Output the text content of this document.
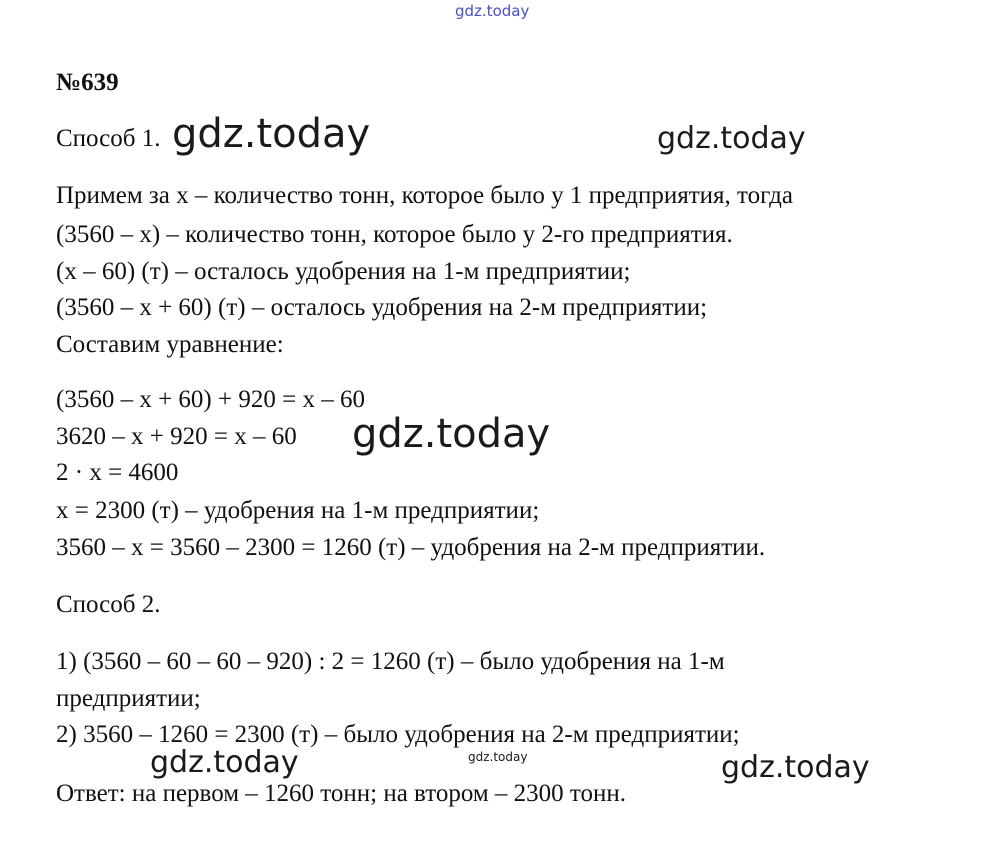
gdz.today
gdz.today	gdz.today
gdz.today
gdz.today	gdz.today	gdz.today
№639
Способ 1.
Примем за x – количество тонн, которое было у 1 предприятия, тогда
(3560 – x) – количество тонн, которое было у 2-го предприятия.
(x – 60) (т) – осталось удобрения на 1-м предприятии;
(3560 – x + 60) (т) – осталось удобрения на 2-м предприятии;
Составим уравнение:
(3560 – x + 60) + 920 = x – 60
3620 – x + 920 = x – 60
2 · x = 4600
x = 2300 (т) – удобрения на 1-м предприятии;
3560 – x = 3560 – 2300 = 1260 (т) – удобрения на 2-м предприятии.
Способ 2.
1) (3560 – 60 – 60 – 920) : 2 = 1260 (т) – было удобрения на 1-м
предприятии;
2) 3560 – 1260 = 2300 (т) – было удобрения на 2-м предприятии;
Ответ: на первом – 1260 тонн; на втором – 2300 тонн.
